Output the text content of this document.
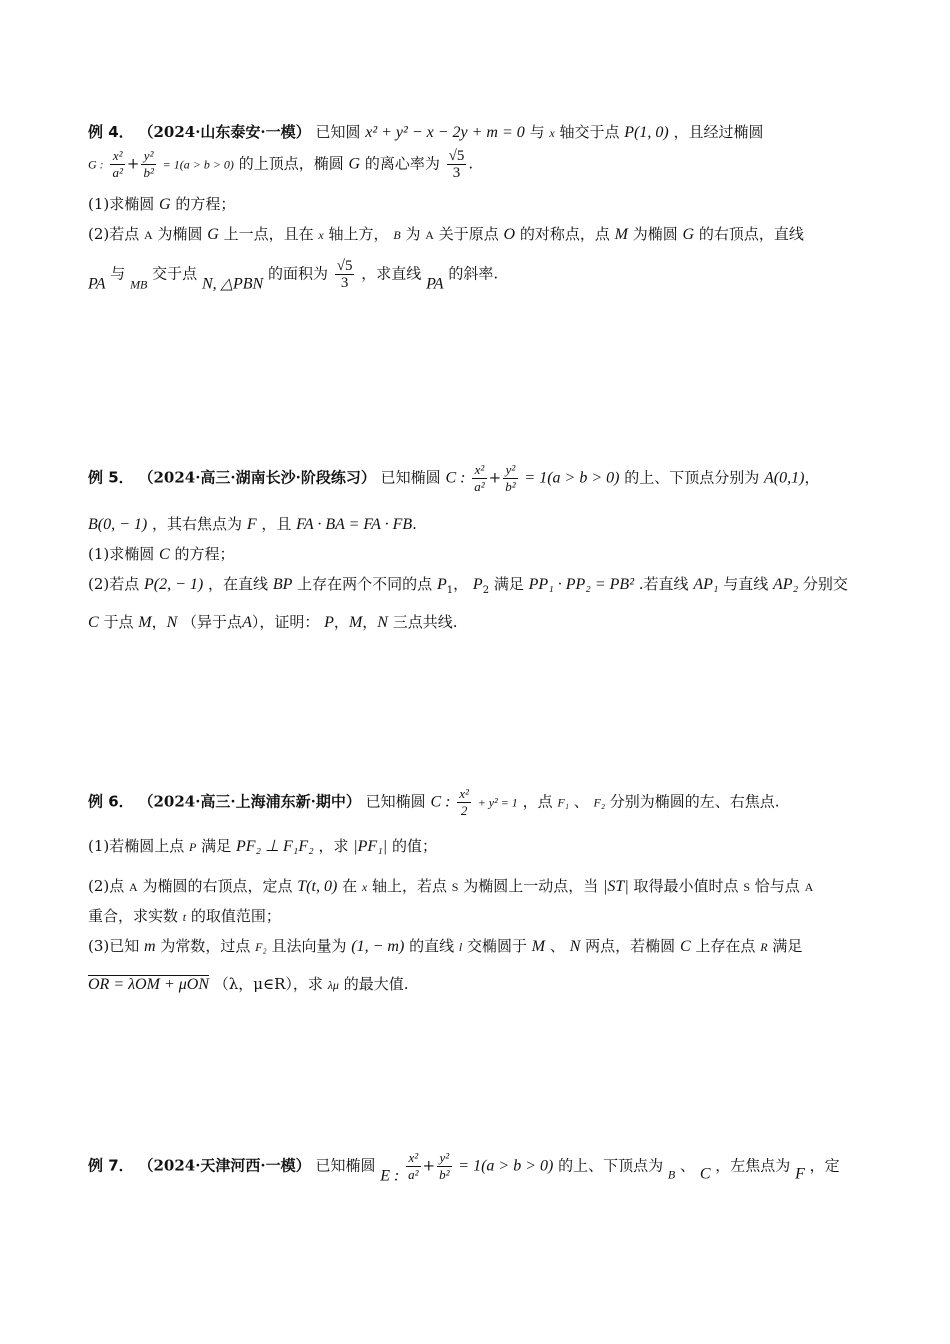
例 4． （2024·山东泰安·一模） 已知圆 x² + y² − x − 2y + m = 0 与 x 轴交于点 P(1, 0) ，且经过椭圆
G : $\frac{\text{x²}}{\text{a²}} + \frac{\text{y²}}{\text{b²}} = 1(a > b > 0)$ 的上顶点，椭圆 G 的离心率为 $\frac{√5}{3}$ .
(1)求椭圆 G 的方程；
(2)若点 A 为椭圆 G 上一点，且在 x 轴上方， B 为 A 关于原点 O 的对称点，点 M 为椭圆 G 的右顶点，直线
PA 与 $_{MB}$ 交于点 N, △PBN 的面积为 $\frac{√5}{3}$ ，求直线 PA 的斜率.
例 5． （2024·高三·湖南长沙·阶段练习） 已知椭圆 C : $\frac{\text{x²}}{\text{a²}} + \frac{\text{y²}}{\text{b²}} = 1(a > b > 0)$ 的上、下顶点分别为 A(0,1)，
B(0, − 1) ，其右焦点为 F ，且 FA · BA = FA · FB.
(1)求椭圆 C 的方程；
(2)若点 P(2, − 1) ，在直线 BP 上存在两个不同的点 $P_1$， $P_2$ 满足 PP₁ · PP₂ = PB² .若直线 AP₁ 与直线 AP₂ 分别交
C 于点 M，N （异于点A），证明： P，M，N 三点共线.
例 6． （2024·高三·上海浦东新·期中） 已知椭圆 C : $\frac{\text{x²}}{2} + y^2 = 1$ ，点 F₁ 、 F₂ 分别为椭圆的左、右焦点.
(1)若椭圆上点 P 满足 PF₂ ⊥ F₁F₂ ，求 |PF₁| 的值；
(2)点 A 为椭圆的右顶点，定点 T(t, 0) 在 x 轴上，若点 S 为椭圆上一动点，当 |ST| 取得最小值时点 S 恰与点 A
重合，求实数 t 的取值范围；
(3)已知 m 为常数，过点 F₂ 且法向量为 (1, − m) 的直线 l 交椭圆于 M 、 N 两点，若椭圆 C 上存在点 R 满足
OR = λOM + μON （λ，μ∈R），求 λμ 的最大值.
例 7． （2024·天津河西·一模） 已知椭圆 E : $\frac{\text{x²}}{\text{a²}} + \frac{\text{y²}}{\text{b²}} = 1(a > b > 0)$ 的上、下顶点为 $_B$ 、 C ，左焦点为 F ，定
